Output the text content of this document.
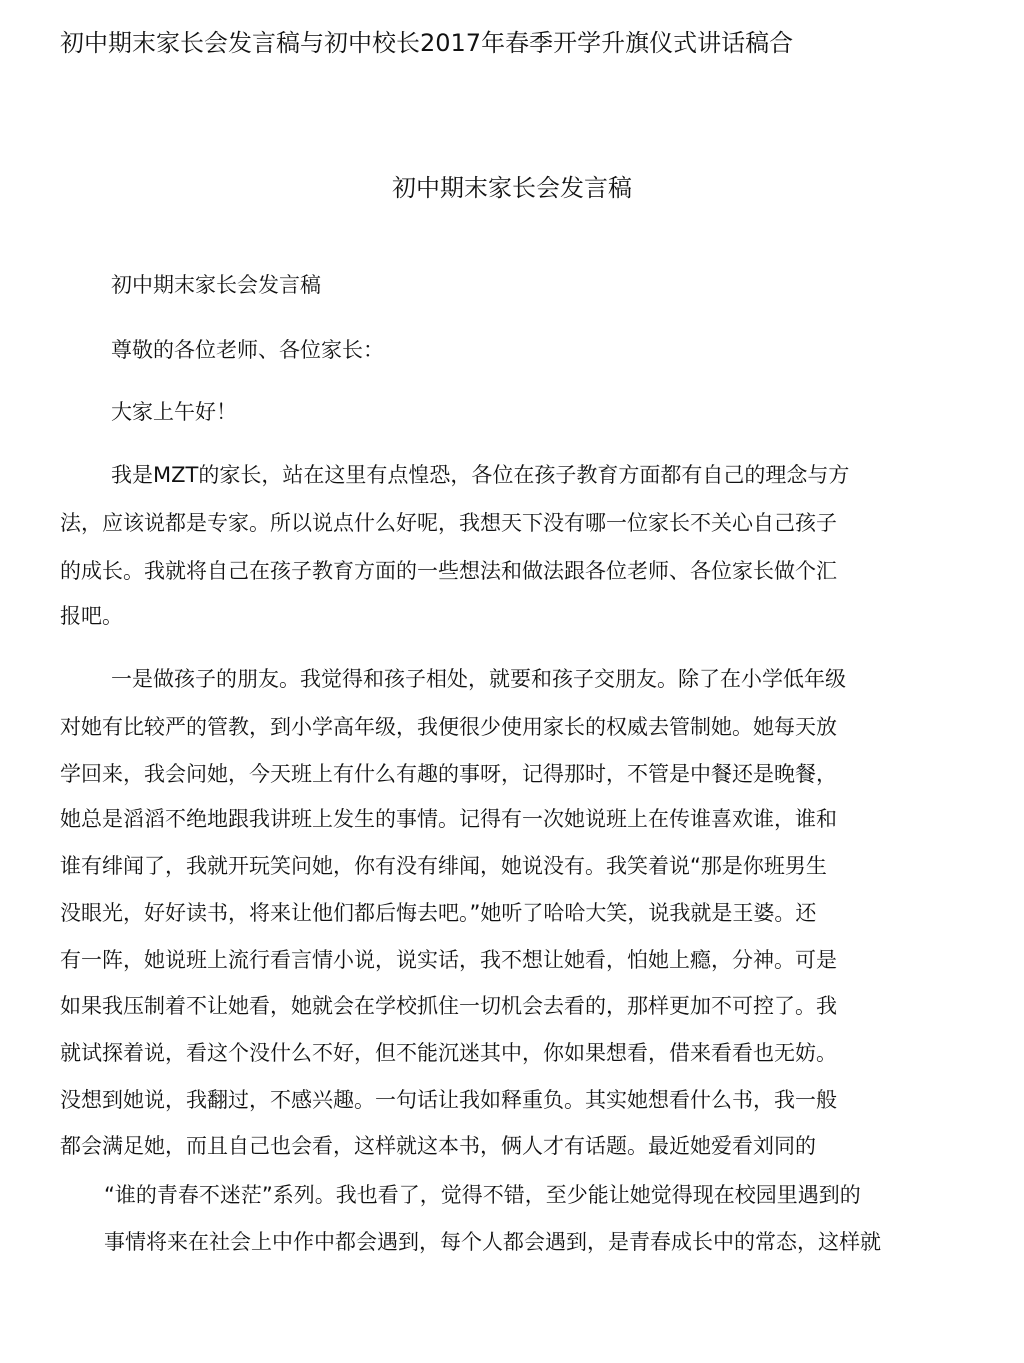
初中期末家长会发言稿与初中校长2017年春季开学升旗仪式讲话稿合
初中期末家长会发言稿
初中期末家长会发言稿
尊敬的各位老师、各位家长：
大家上午好！
我是MZT的家长，站在这里有点惶恐，各位在孩子教育方面都有自己的理念与方
法，应该说都是专家。所以说点什么好呢，我想天下没有哪一位家长不关心自己孩子
的成长。我就将自己在孩子教育方面的一些想法和做法跟各位老师、各位家长做个汇
报吧。
一是做孩子的朋友。我觉得和孩子相处，就要和孩子交朋友。除了在小学低年级
对她有比较严的管教，到小学高年级，我便很少使用家长的权威去管制她。她每天放
学回来，我会问她，今天班上有什么有趣的事呀，记得那时，不管是中餐还是晚餐，
她总是滔滔不绝地跟我讲班上发生的事情。记得有一次她说班上在传谁喜欢谁，谁和
谁有绯闻了，我就开玩笑问她，你有没有绯闻，她说没有。我笑着说“那是你班男生
没眼光，好好读书，将来让他们都后悔去吧。”她听了哈哈大笑，说我就是王婆。还
有一阵，她说班上流行看言情小说，说实话，我不想让她看，怕她上瘾，分神。可是
如果我压制着不让她看，她就会在学校抓住一切机会去看的，那样更加不可控了。我
就试探着说，看这个没什么不好，但不能沉迷其中，你如果想看，借来看看也无妨。
没想到她说，我翻过，不感兴趣。一句话让我如释重负。其实她想看什么书，我一般
都会满足她，而且自己也会看，这样就这本书，俩人才有话题。最近她爱看刘同的
“谁的青春不迷茫”系列。我也看了，觉得不错，至少能让她觉得现在校园里遇到的
事情将来在社会上中作中都会遇到，每个人都会遇到，是青春成长中的常态，这样就
